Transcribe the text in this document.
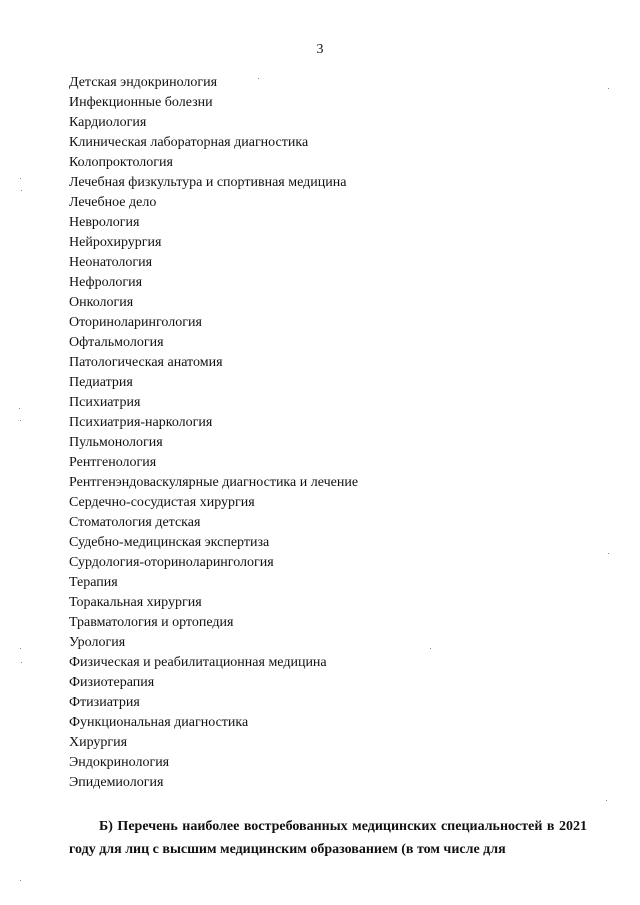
3
Детская эндокринология
Инфекционные болезни
Кардиология
Клиническая лабораторная диагностика
Колопроктология
Лечебная физкультура и спортивная медицина
Лечебное дело
Неврология
Нейрохирургия
Неонатология
Нефрология
Онкология
Оториноларингология
Офтальмология
Патологическая анатомия
Педиатрия
Психиатрия
Психиатрия-наркология
Пульмонология
Рентгенология
Рентгенэндоваскулярные диагностика и лечение
Сердечно-сосудистая хирургия
Стоматология детская
Судебно-медицинская экспертиза
Сурдология-оториноларингология
Терапия
Торакальная хирургия
Травматология и ортопедия
Урология
Физическая и реабилитационная медицина
Физиотерапия
Фтизиатрия
Функциональная диагностика
Хирургия
Эндокринология
Эпидемиология

Б) Перечень наиболее востребованных медицинских специальностей в 2021 году для лиц с высшим медицинским образованием (в том числе для
